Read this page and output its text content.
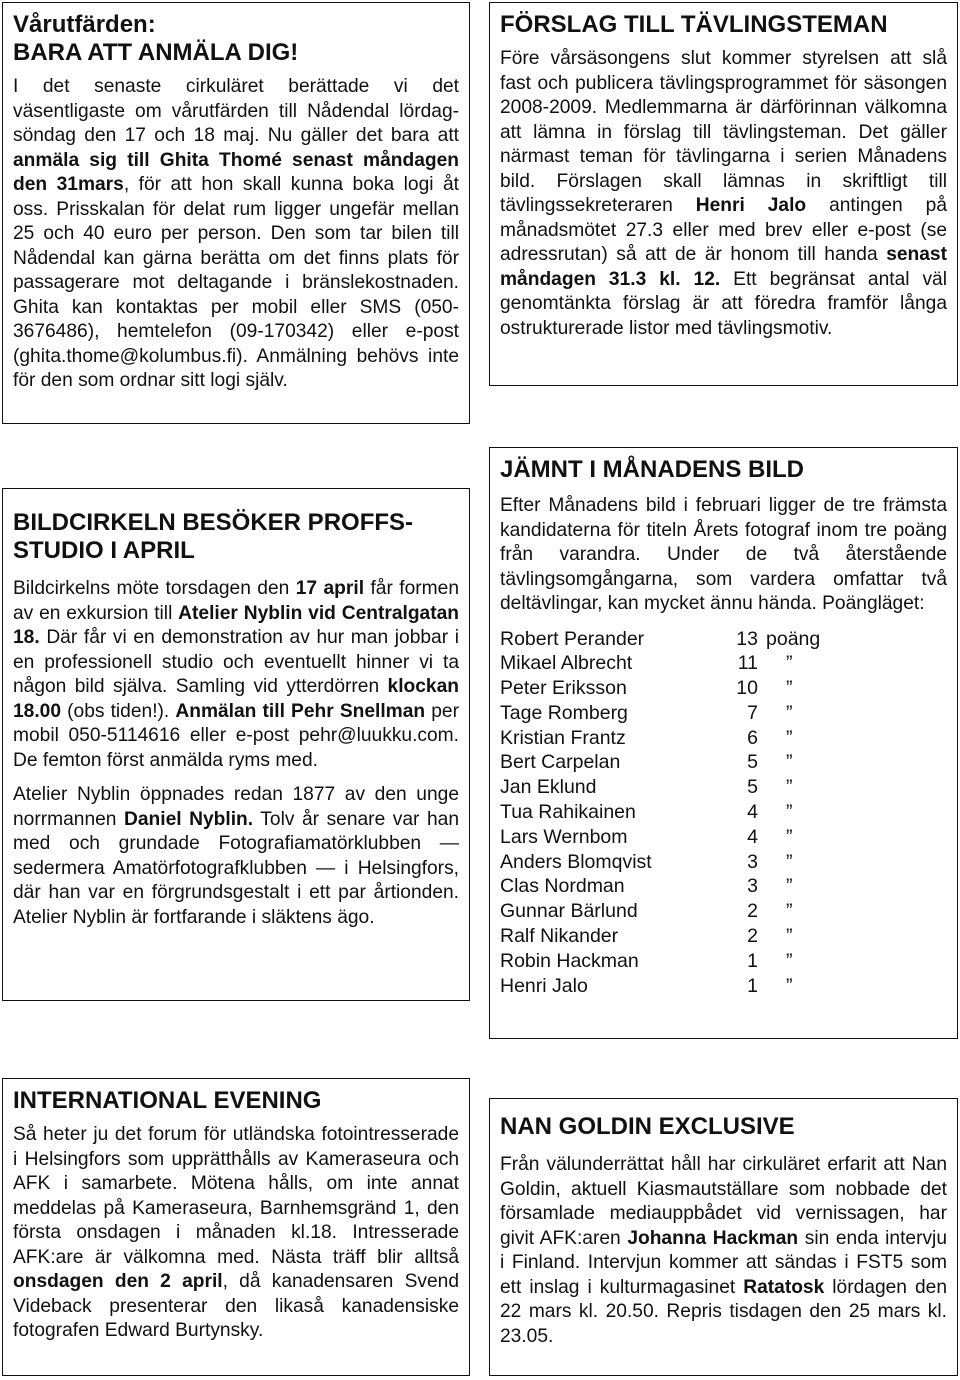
Vårutfärden:
BARA ATT ANMÄLA DIG!
I det senaste cirkuläret berättade vi det väsentligaste om vårutfärden till Nådendal lördag-söndag den 17 och 18 maj. Nu gäller det bara att anmäla sig till Ghita Thomé senast måndagen den 31mars, för att hon skall kunna boka logi åt oss. Prisskalan för delat rum ligger ungefär mellan 25 och 40 euro per person. Den som tar bilen till Nådendal kan gärna berätta om det finns plats för passagerare mot deltagande i bränslekostnaden. Ghita kan kontaktas per mobil eller SMS (050-3676486), hemtelefon (09-170342) eller e-post (ghita.thome@kolumbus.fi). Anmälning behövs inte för den som ordnar sitt logi själv.
FÖRSLAG TILL TÄVLINGSTEMAN
Före vårsäsongens slut kommer styrelsen att slå fast och publicera tävlingsprogrammet för säsongen 2008-2009. Medlemmarna är därförinnan välkomna att lämna in förslag till tävlingsteman. Det gäller närmast teman för tävlingarna i serien Månadens bild. Förslagen skall lämnas in skriftligt till tävlingssekreteraren Henri Jalo antingen på månadsmötet 27.3 eller med brev eller e-post (se adressrutan) så att de är honom till handa senast måndagen 31.3 kl. 12. Ett begränsat antal väl genomtänkta förslag är att föredra framför långa ostrukturerade listor med tävlingsmotiv.
BILDCIRKELN BESÖKER PROFFS-
STUDIO I APRIL

Bildcirkelns möte torsdagen den 17 april får formen av en exkursion till Atelier Nyblin vid Centralgatan 18. Där får vi en demonstration av hur man jobbar i en professionell studio och eventuellt hinner vi ta någon bild själva. Samling vid ytterdörren klockan 18.00 (obs tiden!). Anmälan till Pehr Snellman per mobil 050-5114616 eller e-post pehr@luukku.com. De femton först anmälda ryms med.

Atelier Nyblin öppnades redan 1877 av den unge norrmannen Daniel Nyblin. Tolv år senare var han med och grundade Fotografiamatörklubben — sedermera Amatörfotografklubben — i Helsingfors, där han var en förgrundsgestalt i ett par årtionden. Atelier Nyblin är fortfarande i släktens ägo.

JÄMNT I MÅNADENS BILD
Efter Månadens bild i februari ligger de tre främsta kandidaterna för titeln Årets fotograf inom tre poäng från varandra. Under de två återstående tävlingsomgångarna, som vardera omfattar två deltävlingar, kan mycket ännu hända. Poängläget:
Robert Perander	13 poäng
Mikael Albrecht	11 ”
Peter Eriksson	10 ”
Tage Romberg	7 ”
Kristian Frantz	6 ”
Bert Carpelan	5 ”
Jan Eklund	5 ”
Tua Rahikainen	4 ”
Lars Wernbom	4 ”
Anders Blomqvist	3 ”
Clas Nordman	3 ”
Gunnar Bärlund	2 ”
Ralf Nikander	2 ”
Robin Hackman	1 ”
Henri Jalo	1 ”
INTERNATIONAL EVENING
Så heter ju det forum för utländska fotointresserade i Helsingfors som upprätthålls av Kameraseura och AFK i samarbete. Mötena hålls, om inte annat meddelas på Kameraseura, Barnhemsgränd 1, den första onsdagen i månaden kl.18. Intresserade AFK:are är välkomna med. Nästa träff blir alltså onsdagen den 2 april, då kanadensaren Svend Videback presenterar den likaså kanadensiske fotografen Edward Burtynsky.
NAN GOLDIN EXCLUSIVE
Från välunderrättat håll har cirkuläret erfarit att Nan Goldin, aktuell Kiasmautställare som nobbade det församlade mediauppbådet vid vernissagen, har givit AFK:aren Johanna Hackman sin enda intervju i Finland. Intervjun kommer att sändas i FST5 som ett inslag i kulturmagasinet Ratatosk lördagen den 22 mars kl. 20.50. Repris tisdagen den 25 mars kl. 23.05.
